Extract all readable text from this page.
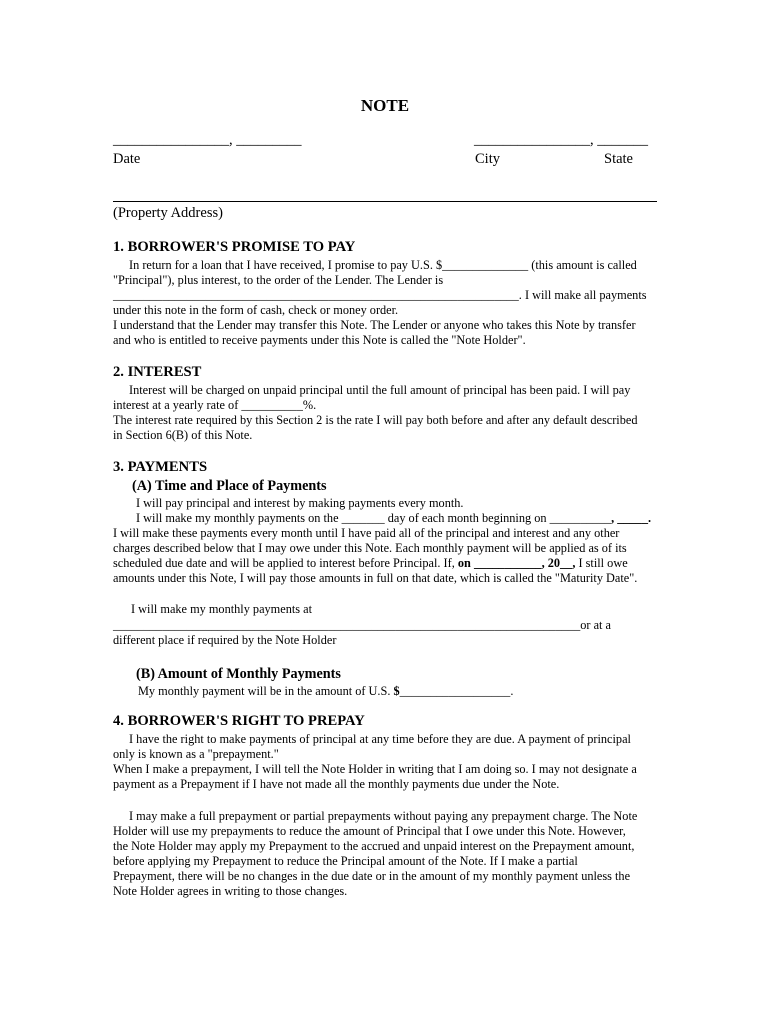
NOTE
________________, _________
Date
________________, _______
City	State
(Property Address)
1. BORROWER'S PROMISE TO PAY
In return for a loan that I have received, I promise to pay U.S. $______________ (this amount is called
"Principal"), plus interest, to the order of the Lender. The Lender is
__________________________________________________________________. I will make all payments
under this note in the form of cash, check or money order.
I understand that the Lender may transfer this Note. The Lender or anyone who takes this Note by transfer
and who is entitled to receive payments under this Note is called the "Note Holder".
2. INTEREST
Interest will be charged on unpaid principal until the full amount of principal has been paid. I will pay
interest at a yearly rate of __________%.
The interest rate required by this Section 2 is the rate I will pay both before and after any default described
in Section 6(B) of this Note.
3. PAYMENTS
(A) Time and Place of Payments
I will pay principal and interest by making payments every month.
I will make my monthly payments on the _______ day of each month beginning on __________, _____.
I will make these payments every month until I have paid all of the principal and interest and any other
charges described below that I may owe under this Note. Each monthly payment will be applied as of its
scheduled due date and will be applied to interest before Principal. If, on ___________, 20__, I still owe
amounts under this Note, I will pay those amounts in full on that date, which is called the "Maturity Date".
I will make my monthly payments at
____________________________________________________________________________or at a
different place if required by the Note Holder
(B) Amount of Monthly Payments
My monthly payment will be in the amount of U.S. $__________________.
4. BORROWER'S RIGHT TO PREPAY
I have the right to make payments of principal at any time before they are due. A payment of principal
only is known as a "prepayment."
When I make a prepayment, I will tell the Note Holder in writing that I am doing so. I may not designate a
payment as a Prepayment if I have not made all the monthly payments due under the Note.
I may make a full prepayment or partial prepayments without paying any prepayment charge. The Note
Holder will use my prepayments to reduce the amount of Principal that I owe under this Note. However,
the Note Holder may apply my Prepayment to the accrued and unpaid interest on the Prepayment amount,
before applying my Prepayment to reduce the Principal amount of the Note. If I make a partial
Prepayment, there will be no changes in the due date or in the amount of my monthly payment unless the
Note Holder agrees in writing to those changes.
